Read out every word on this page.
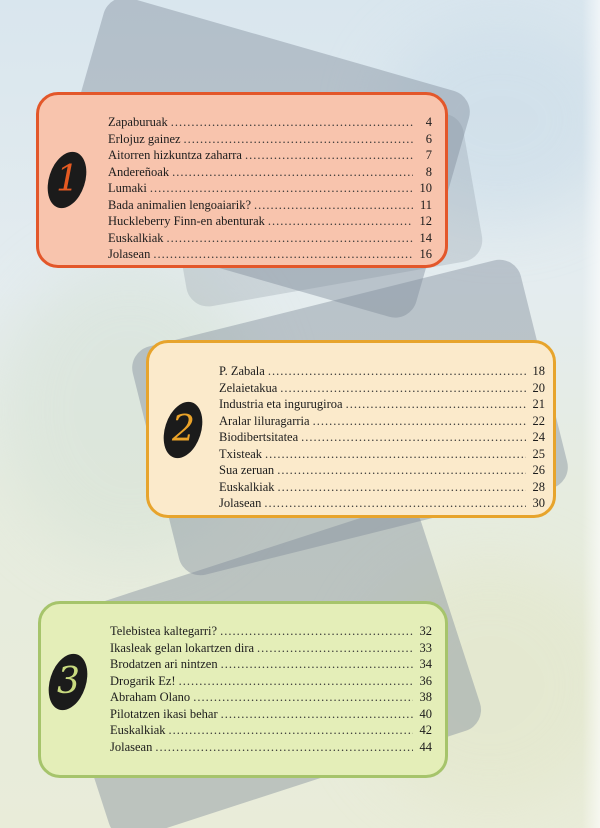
1
Zapaburuak .....	4
Erlojuz gainez .....	6
Aitorren hizkuntza zaharra .....	7
Andereñoak .....	8
Lumaki .....	10
Bada animalien lengoaiarik? .....	11
Huckleberry Finn-en abenturak .....	12
Euskalkiak .....	14
Jolasean .....	16
2
P. Zabala .....	18
Zelaietakua .....	20
Industria eta ingurugiroa .....	21
Aralar liluragarria .....	22
Biodibertsitatea .....	24
Txisteak .....	25
Sua zeruan .....	26
Euskalkiak .....	28
Jolasean .....	30
3
Telebistea kaltegarri? .....	32
Ikasleak gelan lokartzen dira .....	33
Brodatzen ari nintzen .....	34
Drogarik Ez! .....	36
Abraham Olano .....	38
Pilotatzen ikasi behar .....	40
Euskalkiak .....	42
Jolasean .....	44
